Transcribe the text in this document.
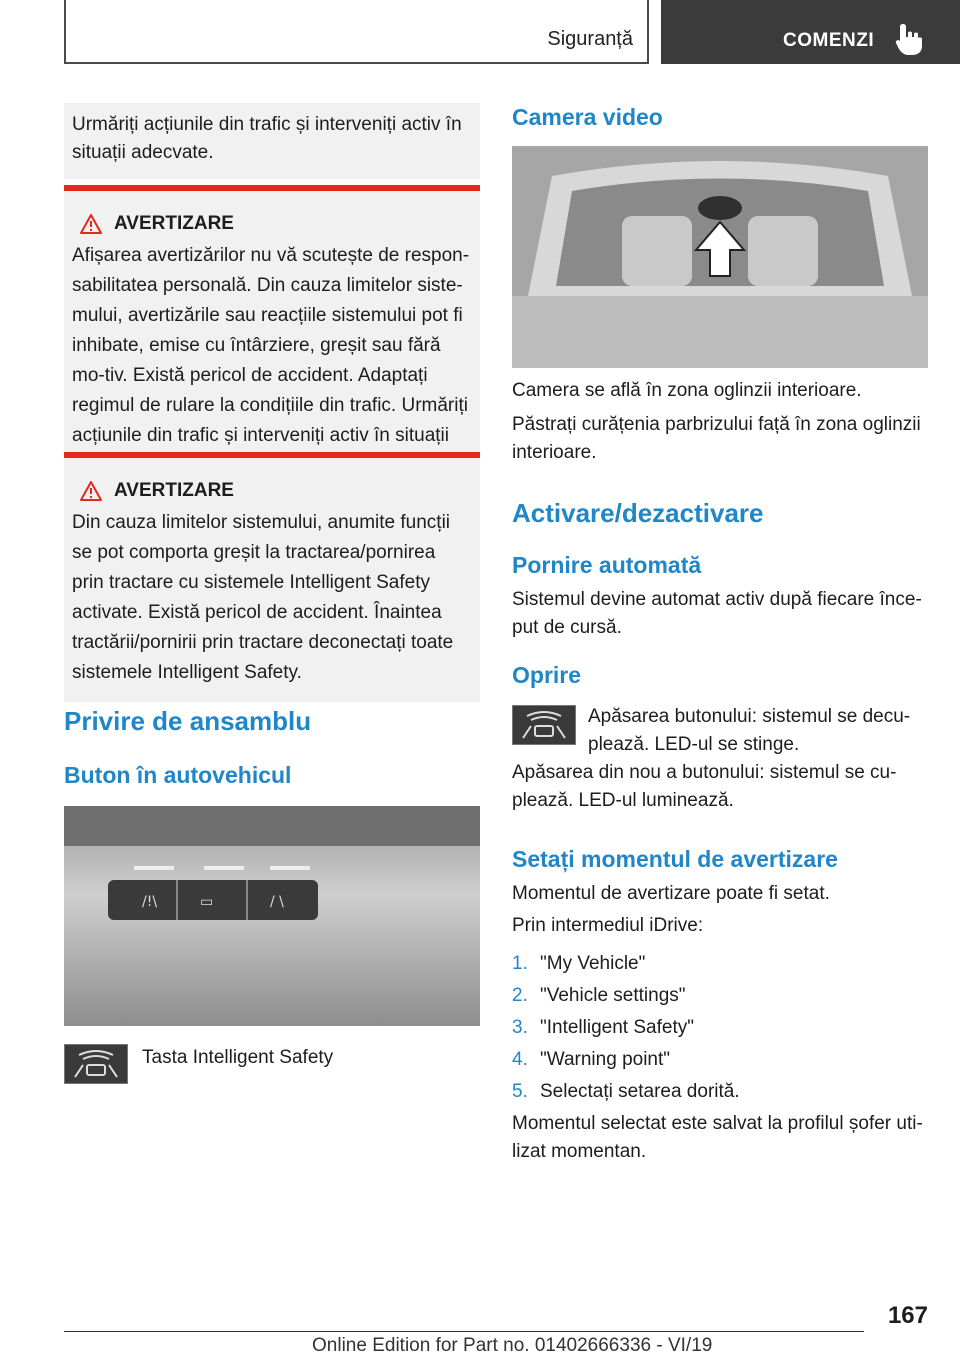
Siguranță	COMENZI
Urmăriți acțiunile din trafic și interveniți activ în situații adecvate.
AVERTIZARE
Afișarea avertizărilor nu vă scutește de respon-sabilitatea personală. Din cauza limitelor siste-mului, avertizările sau reacțiile sistemului pot fi inhibate, emise cu întârziere, greșit sau fără mo-tiv. Există pericol de accident. Adaptați regimul de rulare la condițiile din trafic. Urmăriți acțiunile din trafic și interveniți activ în situații
AVERTIZARE
Din cauza limitelor sistemului, anumite funcții se pot comporta greșit la tractarea/pornirea prin tractare cu sistemele Intelligent Safety activate. Există pericol de accident. Înaintea tractării/pornirii prin tractare deconectați toate sistemele Intelligent Safety.
Privire de ansamblu
Buton în autovehicul
/!\	▭	/ \
Tasta Intelligent Safety
Camera video
Camera se află în zona oglinzii interioare.
Păstrați curățenia parbrizului față în zona oglinzii interioare.
Activare/dezactivare
Pornire automată
Sistemul devine automat activ după fiecare înce-put de cursă.
Oprire
Apăsarea butonului: sistemul se decu-plează. LED-ul se stinge.
Apăsarea din nou a butonului: sistemul se cu-plează. LED-ul luminează.
Setați momentul de avertizare
Momentul de avertizare poate fi setat.
Prin intermediul iDrive:
1. "My Vehicle"
2. "Vehicle settings"
3. "Intelligent Safety"
4. "Warning point"
5. Selectați setarea dorită.
Momentul selectat este salvat la profilul șofer uti-lizat momentan.
167
Online Edition for Part no. 01402666336 - VI/19
